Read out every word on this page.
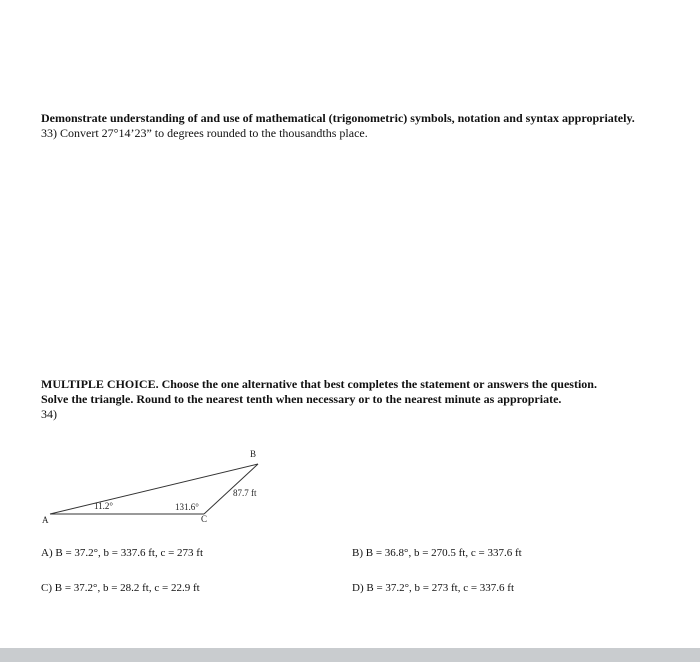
Demonstrate understanding of and use of mathematical (trigonometric) symbols, notation and syntax appropriately.
33) Convert 27°14’23” to degrees rounded to the thousandths place.
MULTIPLE CHOICE. Choose the one alternative that best completes the statement or answers the question.
Solve the triangle. Round to the nearest tenth when necessary or to the nearest minute as appropriate.
34)
A
B
C
11.2°	131.6°
87.7 ft
A) B = 37.2°, b = 337.6 ft, c = 273 ft	B) B = 36.8°, b = 270.5 ft, c = 337.6 ft
C) B = 37.2°, b = 28.2 ft, c = 22.9 ft	D) B = 37.2°, b = 273 ft, c = 337.6 ft
